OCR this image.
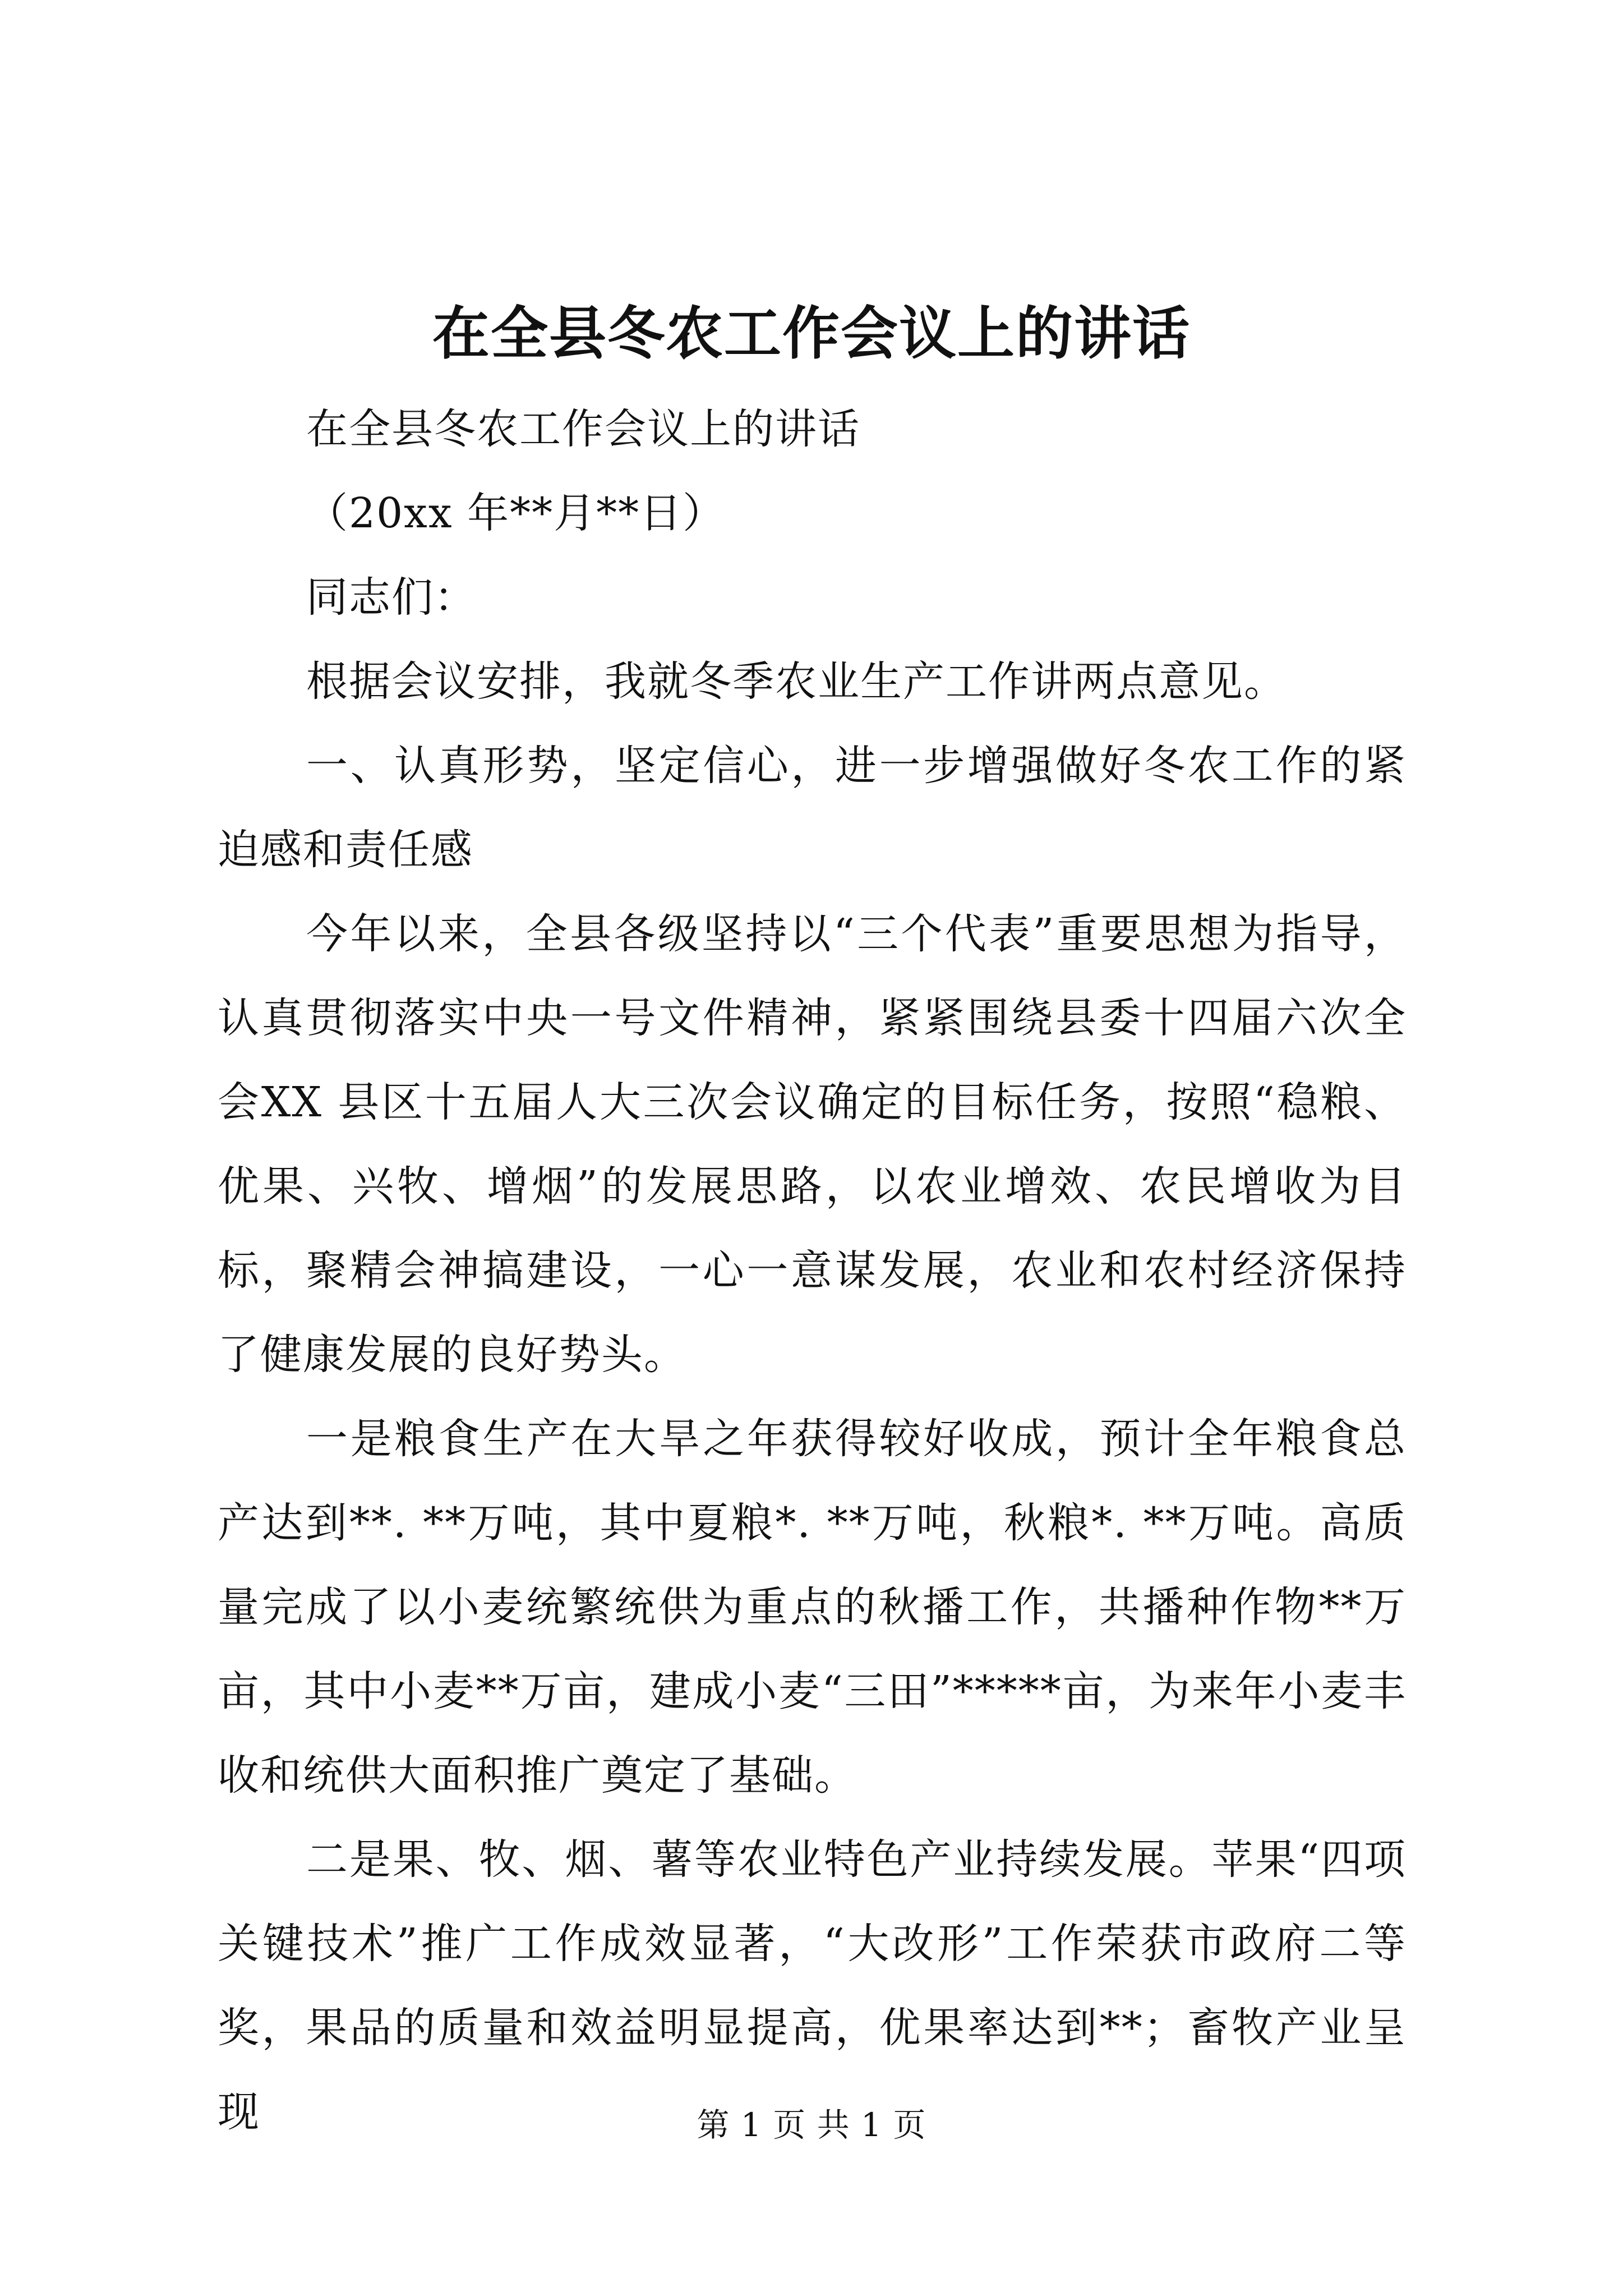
在全县冬农工作会议上的讲话

在全县冬农工作会议上的讲话

（20xx 年**月**日）

同志们：

根据会议安排，我就冬季农业生产工作讲两点意见。

一、认真形势，坚定信心，进一步增强做好冬农工作的紧迫感和责任感

今年以来，全县各级坚持以“三个代表”重要思想为指导，认真贯彻落实中央一号文件精神，紧紧围绕县委十四届六次全会XX 县区十五届人大三次会议确定的目标任务，按照“稳粮、优果、兴牧、增烟”的发展思路，以农业增效、农民增收为目标，聚精会神搞建设，一心一意谋发展，农业和农村经济保持了健康发展的良好势头。

一是粮食生产在大旱之年获得较好收成，预计全年粮食总产达到**. **万吨，其中夏粮*. **万吨，秋粮*. **万吨。高质量完成了以小麦统繁统供为重点的秋播工作，共播种作物**万亩，其中小麦**万亩，建成小麦“三田”*****亩，为来年小麦丰收和统供大面积推广奠定了基础。

二是果、牧、烟、薯等农业特色产业持续发展。苹果“四项关键技术”推广工作成效显著，“大改形”工作荣获市政府二等奖，果品的质量和效益明显提高，优果率达到**；畜牧产业呈现	第 1 页 共 1 页
